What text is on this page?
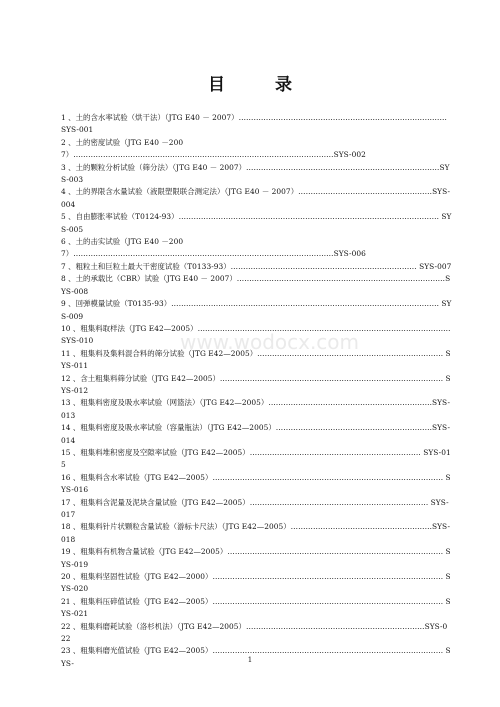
目 录
1 、土的含水率试验（烘干法）（JTG E40 － 2007）…………………………………………………………………………SYS-001
2 、土的密度试验（JTG E40 －2007）……………………………………………………………………………………………SYS-002
3 、土的颗粒分析试验（筛分法）（JTG E40 － 2007）……………………………………………………………………SYS-003
4 、土的界限含水量试验（液限塑限联合测定法）（JTG E40 － 2007）………………………………………………SYS-004
5 、自由膨胀率试验（T0124-93）…………………………………………………………………………………………… SYS-005
6 、土的击实试验（JTG E40 －2007）……………………………………………………………………………………………SYS-006
7 、粗粒土和巨粒土最大干密度试验（T0133-93）………………………………………………………………… SYS-007
8 、土的承载比（CBR）试验（JTG E40 － 2007）…………………………………………………………………………SYS-008
9 、回弹模量试验（T0135-93）……………………………………………………………………………………………… SYS-009
10 、粗集料取样法（JTG E42—2005）………………………………………………………………………………………… SYS-010
11 、粗集料及集料混合料的筛分试验（JTG E42—2005）………………………………………………………………… SYS-011
12 、含土粗集料筛分试验（JTG E42—2005）……………………………………………………………………………… SYS-012
13 、粗集料密度及吸水率试验（网篮法）（JTG E42—2005）…………………………………………………………SYS-013
14 、粗集料密度及吸水率试验（容量瓶法）（JTG E42—2005）………………………………………………………SYS-014
15 、粗集料堆积密度及空隙率试验（JTG E42—2005）…………………………………………………………… SYS-015
16 、粗集料含水率试验（JTG E42—2005）………………………………………………………………………………… SYS-016
17 、粗集料含泥量及泥块含量试验（JTG E42—2005）……………………………………………………………… SYS-017
18 、粗集料针片状颗粒含量试验（游标卡尺法）（JTG E42—2005）…………………………………………………SYS-018
19 、粗集料有机物含量试验（JTG E42—2005）…………………………………………………………………………… SYS-019
20 、粗集料坚固性试验（JTG E42—2000）………………………………………………………………………………… SYS-020
21 、粗集料压碎值试验（JTG E42—2005）………………………………………………………………………………… SYS-021
22 、粗集料磨耗试验（洛杉机法）（JTG E42—2005）………………………………………………………………SYS-022
23 、粗集料磨光值试验（JTG E42—2005）………………………………………………………………………………… SYS-
www.wodocx.com
1
